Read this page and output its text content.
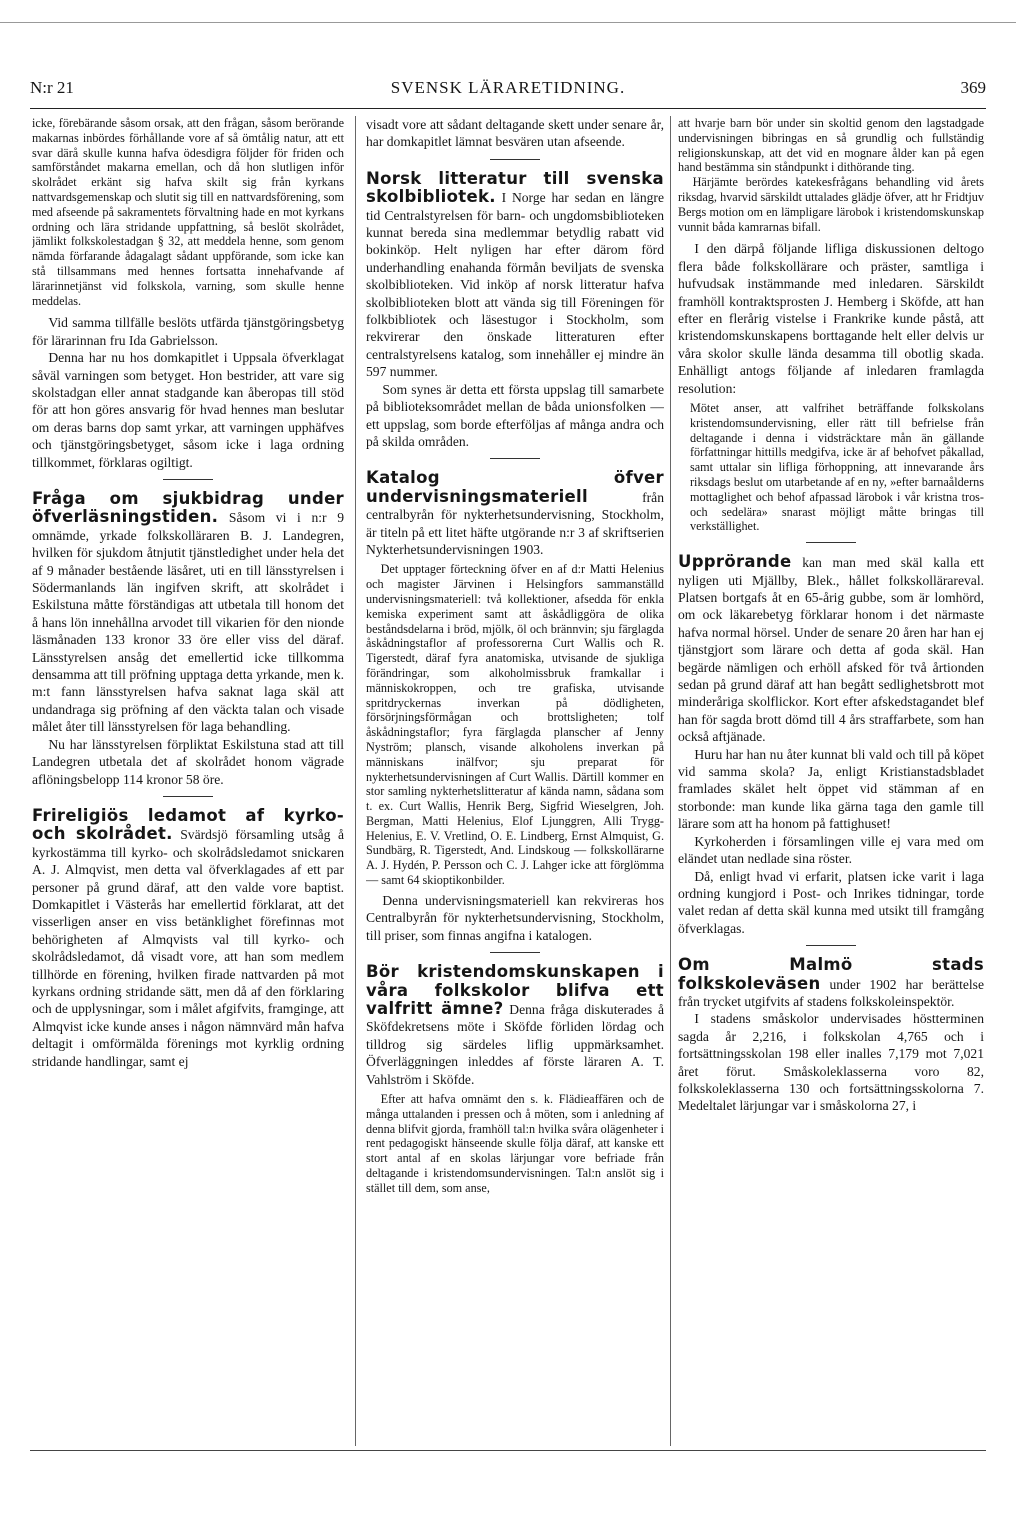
N:r 21	SVENSK LÄRARETIDNING.	369

icke, förebärande såsom orsak, att den frågan, såsom berörande makarnas inbördes förhållande vore af så ömtålig natur, att ett svar därå skulle kunna hafva ödesdigra följder för friden och samförståndet makarna emellan, och då hon slutligen inför skolrådet erkänt sig hafva skilt sig från kyrkans nattvardsgemenskap och slutit sig till en nattvardsförening, som med afseende på sakramentets förvaltning hade en mot kyrkans ordning och lära stridande uppfattning, så beslöt skolrådet, jämlikt folkskolestadgan § 32, att meddela henne, som genom nämda förfarande ådagalagt sådant uppförande, som icke kan stå tillsammans med hennes fortsatta innehafvande af lärarinnetjänst vid folkskola, varning, som skulle henne meddelas.

Vid samma tillfälle beslöts utfärda tjänstgöringsbetyg för lärarinnan fru Ida Gabrielsson.

Denna har nu hos domkapitlet i Uppsala öfverklagat såväl varningen som betyget. Hon bestrider, att vare sig skolstadgan eller annat stadgande kan åberopas till stöd för att hon göres ansvarig för hvad hennes man beslutar om deras barns dop samt yrkar, att varningen upphäfves och tjänstgöringsbetyget, såsom icke i laga ordning tillkommet, förklaras ogiltigt.

Fråga om sjukbidrag under öfverläsningstiden. Såsom vi i n:r 9 omnämde, yrkade folkskolläraren B. J. Landegren, hvilken för sjukdom åtnjutit tjänstledighet under hela det af 9 månader bestående läsåret, uti en till länsstyrelsen i Södermanlands län ingifven skrift, att skolrådet i Eskilstuna måtte förständigas att utbetala till honom det å hans lön innehållna arvodet till vikarien för den nionde läsmånaden 133 kronor 33 öre eller viss del däraf. Länsstyrelsen ansåg det emellertid icke tillkomma densamma att till pröfning upptaga detta yrkande, men k. m:t fann länsstyrelsen hafva saknat laga skäl att undandraga sig pröfning af den väckta talan och visade målet åter till länsstyrelsen för laga behandling.

Nu har länsstyrelsen förpliktat Eskilstuna stad att till Landegren utbetala det af skolrådet honom vägrade aflöningsbelopp 114 kronor 58 öre.

Frireligiös ledamot af kyrko- och skolrådet. Svärdsjö församling utsåg å kyrkostämma till kyrko- och skolrådsledamot snickaren A. J. Almqvist, men detta val öfverklagades af ett par personer på grund däraf, att den valde vore baptist. Domkapitlet i Västerås har emellertid förklarat, att det visserligen anser en viss betänklighet förefinnas mot behörigheten af Almqvists val till kyrko- och skolrådsledamot, då visadt vore, att han som medlem tillhörde en förening, hvilken firade nattvarden på mot kyrkans ordning stridande sätt, men då af den förklaring och de upplysningar, som i målet afgifvits, framginge, att Almqvist icke kunde anses i någon nämnvärd mån hafva deltagit i omförmälda förenings mot kyrklig ordning stridande handlingar, samt ej

visadt vore att sådant deltagande skett under senare år, har domkapitlet lämnat besvären utan afseende.

Norsk litteratur till svenska skolbibliotek. I Norge har sedan en längre tid Centralstyrelsen för barn- och ungdomsbiblioteken kunnat bereda sina medlemmar betydlig rabatt vid bokinköp. Helt nyligen har efter därom förd underhandling enahanda förmån beviljats de svenska skolbiblioteken. Vid inköp af norsk litteratur hafva skolbiblioteken blott att vända sig till Föreningen för folkbibliotek och läsestugor i Stockholm, som rekvirerar den önskade litteraturen efter centralstyrelsens katalog, som innehåller ej mindre än 597 nummer.

Som synes är detta ett första uppslag till samarbete på biblioteksområdet mellan de båda unionsfolken — ett uppslag, som borde efterföljas af många andra och på skilda områden.

Katalog öfver undervisningsmateriell	från centralbyrån för nykterhetsundervisning, Stockholm, är titeln på ett litet häfte utgörande n:r 3 af skriftserien Nykterhetsundervisningen 1903.

Det upptager förteckning öfver en af d:r Matti Helenius och magister Järvinen i Helsingfors sammanställd undervisningsmateriell: två kollektioner, afsedda för enkla kemiska experiment samt att åskådliggöra de olika beståndsdelarna i bröd, mjölk, öl och brännvin; sju färglagda åskådningstaflor af professorerna Curt Wallis och R. Tigerstedt, däraf fyra anatomiska, utvisande de sjukliga förändringar, som alkoholmissbruk framkallar i människokroppen, och tre grafiska, utvisande spritdryckernas inverkan på dödligheten, försörjningsförmågan och brottsligheten; tolf åskådningstaflor; fyra färglagda planscher af Jenny Nyström; plansch, visande alkoholens inverkan på människans inälfvor; sju preparat för nykterhetsundervisningen af Curt Wallis. Därtill kommer en stor samling nykterhetslitteratur af kända namn, sådana som t. ex. Curt Wallis, Henrik Berg, Sigfrid Wieselgren, Joh. Bergman, Matti Helenius, Elof Ljunggren, Alli Trygg-Helenius, E. V. Vretlind, O. E. Lindberg, Ernst Almquist, G. Sundbärg, R. Tigerstedt, And. Lindskoug — folkskollärarne A. J. Hydén, P. Persson och C. J. Lahger icke att förglömma — samt 64 skioptikonbilder.

Denna undervisningsmateriell kan rekvireras hos Centralbyrån för nykterhetsundervisning, Stockholm, till priser, som finnas angifna i katalogen.

Bör kristendomskunskapen i våra folkskolor blifva ett valfritt ämne? Denna fråga diskuterades å Sköfdekretsens möte i Sköfde förliden lördag och tilldrog sig särdeles liflig uppmärksamhet. Öfverläggningen inleddes af förste läraren A. T. Vahlström i Sköfde.

Efter att hafva omnämt den s. k. Flädieaffären och de många uttalanden i pressen och å möten, som i anledning af denna blifvit gjorda, framhöll tal:n hvilka svåra olägenheter i rent pedagogiskt hänseende skulle följa däraf, att kanske ett stort antal af en skolas lärjungar vore befriade från deltagande i kristendomsundervisningen. Tal:n anslöt sig i stället till dem, som anse,

att hvarje barn bör under sin skoltid genom den lagstadgade undervisningen bibringas en så grundlig och fullständig religionskunskap, att det vid en mognare ålder kan på egen hand bestämma sin ståndpunkt i dithörande ting.

Härjämte berördes katekesfrågans behandling vid årets riksdag, hvarvid särskildt uttalades glädje öfver, att hr Fridtjuv Bergs motion om en lämpligare lärobok i kristendomskunskap vunnit båda kamrarnas bifall.

I den därpå följande lifliga diskussionen deltogo flera både folkskollärare och präster, samtliga i hufvudsak instämmande med inledaren. Särskildt framhöll kontraktsprosten J. Hemberg i Sköfde, att han efter en flerårig vistelse i Frankrike kunde påstå, att kristendomskunskapens borttagande helt eller delvis ur våra skolor skulle lända desamma till obotlig skada. Enhälligt antogs följande af inledaren framlagda resolution:

Mötet anser, att valfrihet beträffande folkskolans kristendomsundervisning, eller rätt till befrielse från deltagande i denna i vidsträcktare mån än gällande författningar hittills medgifva, icke är af behofvet påkallad, samt uttalar sin lifliga förhoppning, att innevarande års riksdags beslut om utarbetande af en ny, »efter barnaålderns mottaglighet och behof afpassad lärobok i vår kristna tros- och sedelära» snarast möjligt måtte bringas till verkställighet.

Upprörande kan man med skäl kalla ett nyligen uti Mjällby, Blek., hållet folkskollärareval. Platsen bortgafs åt en 65-årig gubbe, som är lomhörd, om ock läkarebetyg förklarar honom i det närmaste hafva normal hörsel. Under de senare 20 åren har han ej tjänstgjort som lärare och detta af goda skäl. Han begärde nämligen och erhöll afsked för två årtionden sedan på grund däraf att han begått sedlighetsbrott mot minderåriga skolflickor. Kort efter afskedstagandet blef han för sagda brott dömd till 4 års straffarbete, som han också aftjänade.

Huru har han nu åter kunnat bli vald och till på köpet vid samma skola? Ja, enligt Kristianstadsbladet framlades skälet helt öppet vid stämman af en storbonde: man kunde lika gärna taga den gamle till lärare som att ha honom på fattighuset!

Kyrkoherden i församlingen ville ej vara med om eländet utan nedlade sina röster.

Då, enligt hvad vi erfarit, platsen icke varit i laga ordning kungjord i Post- och Inrikes tidningar, torde valet redan af detta skäl kunna med utsikt till framgång öfverklagas.

Om Malmö stads folkskoleväsen under 1902 har berättelse från trycket utgifvits af stadens folkskoleinspektör.

I stadens småskolor undervisades höstterminen sagda år 2,216, i folkskolan 4,765 och i fortsättningsskolan 198 eller inalles 7,179 mot 7,021 året förut. Småskoleklasserna voro 82, folkskoleklasserna 130 och fortsättningsskolorna 7. Medeltalet lärjungar var i småskolorna 27, i
